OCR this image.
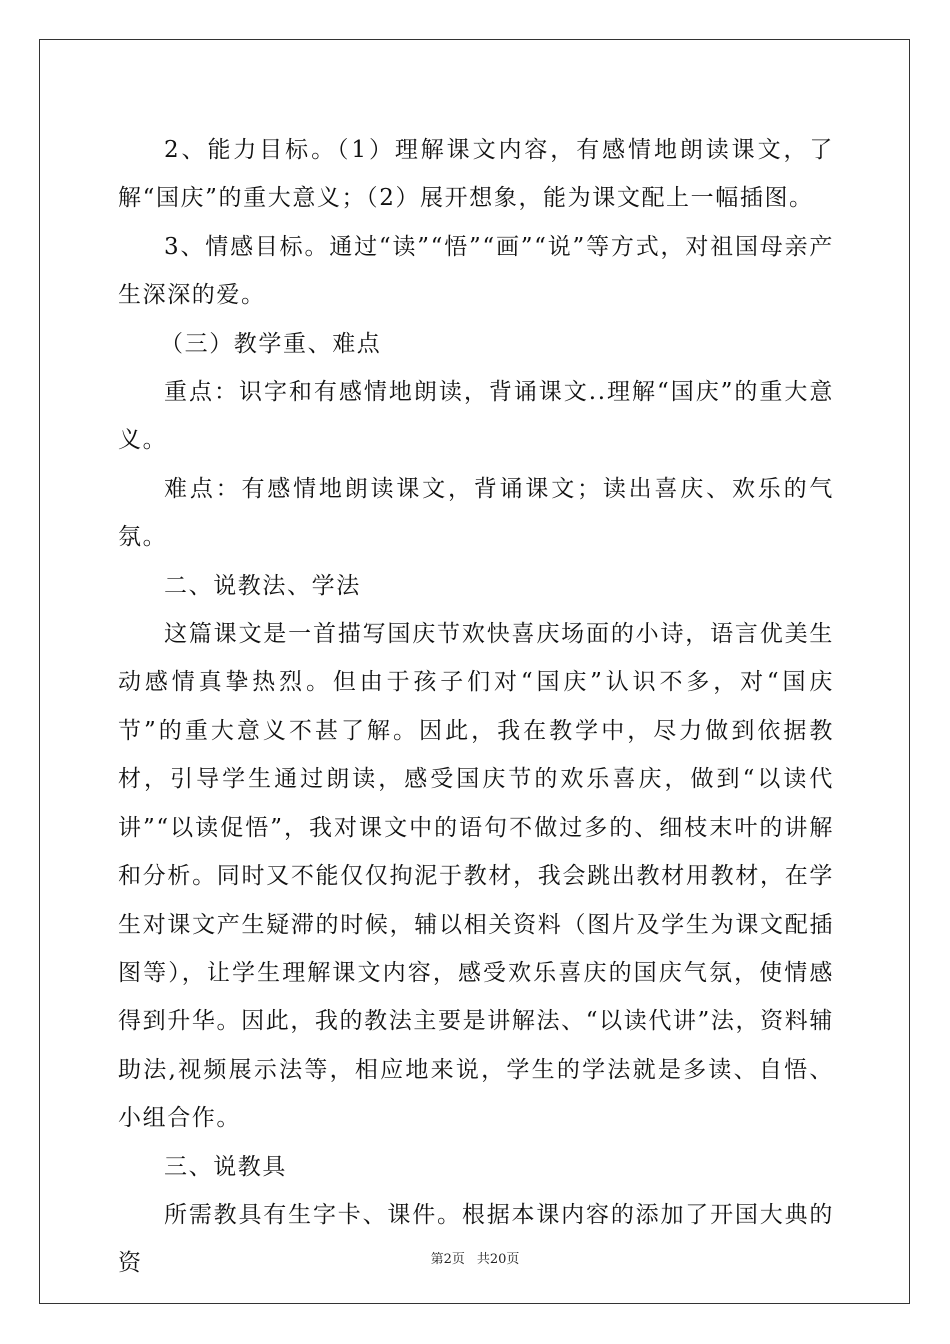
2、能力目标。（1）理解课文内容，有感情地朗读课文，了解“国庆”的重大意义；（2）展开想象，能为课文配上一幅插图。

3、情感目标。通过“读”“悟”“画”“说”等方式，对祖国母亲产生深深的爱。

（三）教学重、难点

重点：识字和有感情地朗读，背诵课文..理解“国庆”的重大意义。

难点：有感情地朗读课文，背诵课文；读出喜庆、欢乐的气氛。

二、说教法、学法

这篇课文是一首描写国庆节欢快喜庆场面的小诗，语言优美生动感情真挚热烈。但由于孩子们对“国庆”认识不多，对“国庆节”的重大意义不甚了解。因此，我在教学中，尽力做到依据教材，引导学生通过朗读，感受国庆节的欢乐喜庆，做到“以读代讲”“以读促悟”，我对课文中的语句不做过多的、细枝末叶的讲解和分析。同时又不能仅仅拘泥于教材，我会跳出教材用教材，在学生对课文产生疑滞的时候，辅以相关资料（图片及学生为课文配插图等），让学生理解课文内容，感受欢乐喜庆的国庆气氛，使情感得到升华。因此，我的教法主要是讲解法、“以读代讲”法，资料辅助法,视频展示法等，相应地来说，学生的学法就是多读、自悟、小组合作。

三、说教具

所需教具有生字卡、课件。根据本课内容的添加了开国大典的资	第2页 共20页
